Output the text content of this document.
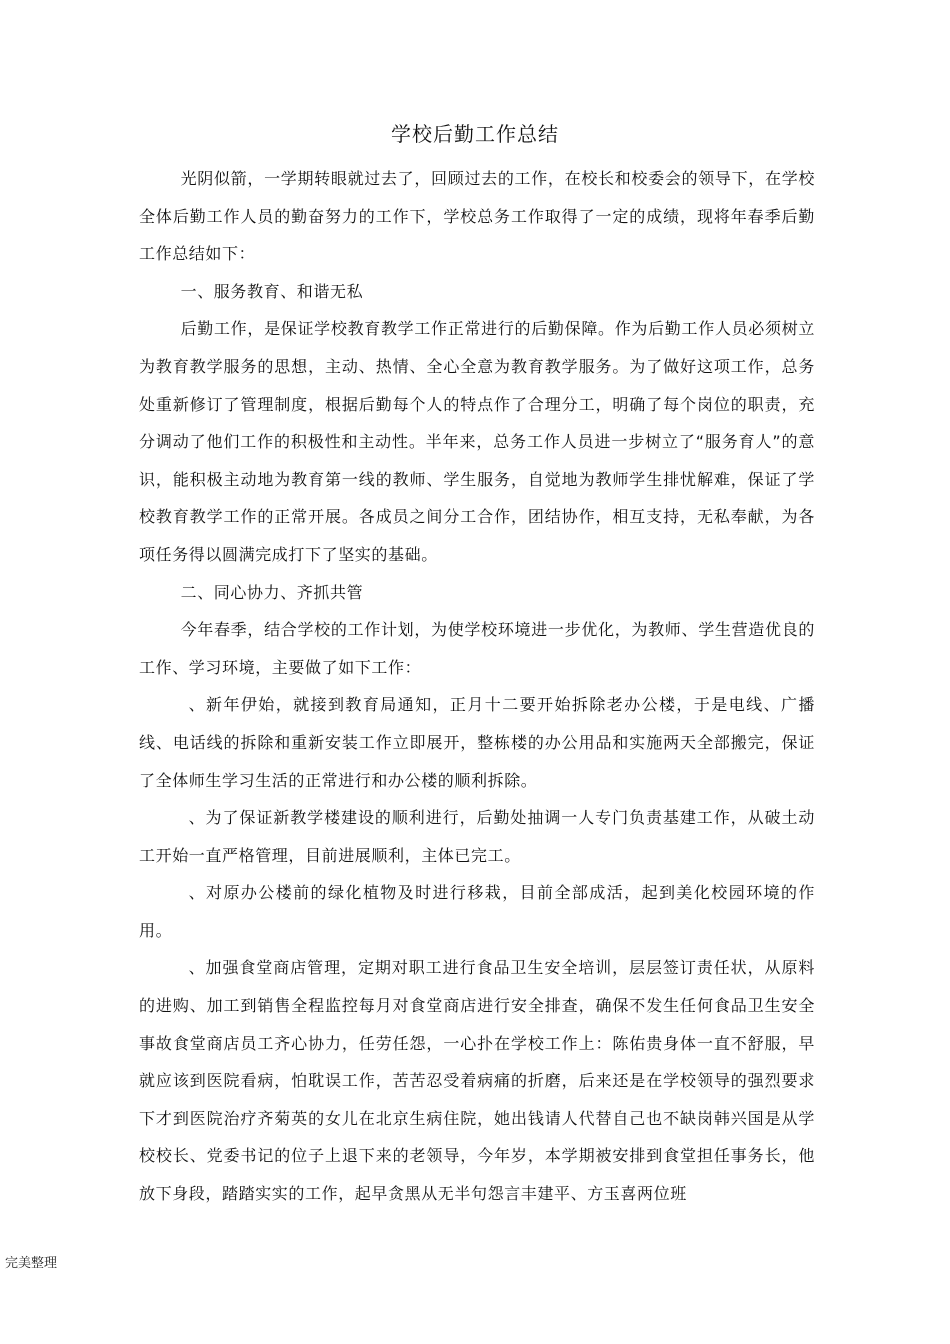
学校后勤工作总结

光阴似箭，一学期转眼就过去了，回顾过去的工作，在校长和校委会的领导下，在学校全体后勤工作人员的勤奋努力的工作下，学校总务工作取得了一定的成绩，现将年春季后勤工作总结如下：

一、服务教育、和谐无私

后勤工作，是保证学校教育教学工作正常进行的后勤保障。作为后勤工作人员必须树立为教育教学服务的思想，主动、热情、全心全意为教育教学服务。为了做好这项工作，总务处重新修订了管理制度，根据后勤每个人的特点作了合理分工，明确了每个岗位的职责，充分调动了他们工作的积极性和主动性。半年来，总务工作人员进一步树立了“服务育人”的意识，能积极主动地为教育第一线的教师、学生服务，自觉地为教师学生排忧解难，保证了学校教育教学工作的正常开展。各成员之间分工合作，团结协作，相互支持，无私奉献，为各项任务得以圆满完成打下了坚实的基础。

二、同心协力、齐抓共管

今年春季，结合学校的工作计划，为使学校环境进一步优化，为教师、学生营造优良的工作、学习环境，主要做了如下工作：

、新年伊始，就接到教育局通知，正月十二要开始拆除老办公楼，于是电线、广播线、电话线的拆除和重新安装工作立即展开，整栋楼的办公用品和实施两天全部搬完，保证了全体师生学习生活的正常进行和办公楼的顺利拆除。

、为了保证新教学楼建设的顺利进行，后勤处抽调一人专门负责基建工作，从破土动工开始一直严格管理，目前进展顺利，主体已完工。

、对原办公楼前的绿化植物及时进行移栽，目前全部成活，起到美化校园环境的作用。

、加强食堂商店管理，定期对职工进行食品卫生安全培训，层层签订责任状，从原料的进购、加工到销售全程监控每月对食堂商店进行安全排查，确保不发生任何食品卫生安全事故食堂商店员工齐心协力，任劳任怨，一心扑在学校工作上：陈佑贵身体一直不舒服，早就应该到医院看病，怕耽误工作，苦苦忍受着病痛的折磨，后来还是在学校领导的强烈要求下才到医院治疗齐菊英的女儿在北京生病住院，她出钱请人代替自己也不缺岗韩兴国是从学校校长、党委书记的位子上退下来的老领导，今年岁，本学期被安排到食堂担任事务长，他放下身段，踏踏实实的工作，起早贪黑从无半句怨言丰建平、方玉喜两位班

完美整理
